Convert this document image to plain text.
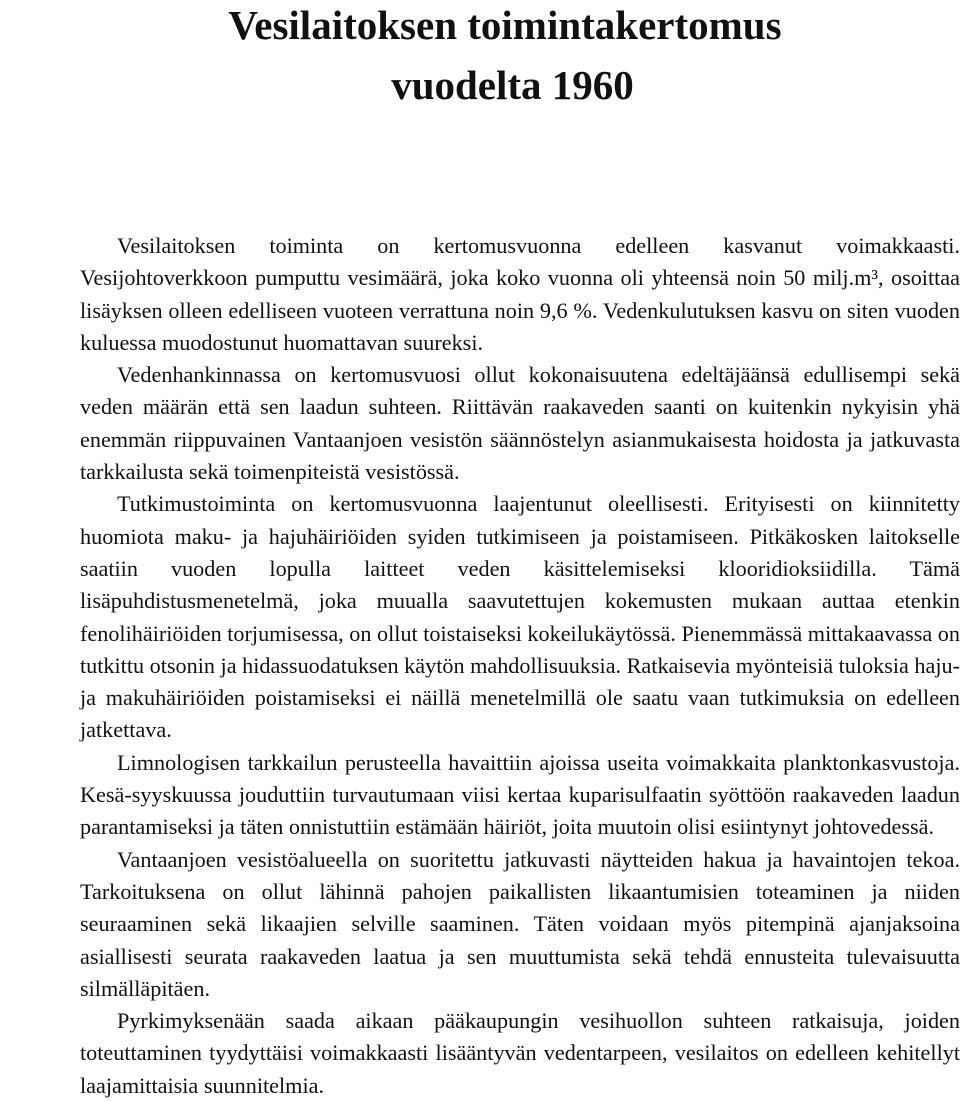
Vesilaitoksen toimintakertomus
vuodelta 1960

Vesilaitoksen toiminta on kertomusvuonna edelleen kasvanut voimakkaasti. Vesijohtoverkkoon pumputtu vesimäärä, joka koko vuonna oli yhteensä noin 50 milj.m³, osoittaa lisäyksen olleen edelliseen vuoteen verrattuna noin 9,6 %. Vedenkulutuksen kasvu on siten vuoden kuluessa muodostunut huomattavan suureksi.

Vedenhankinnassa on kertomusvuosi ollut kokonaisuutena edeltäjäänsä edullisempi sekä veden määrän että sen laadun suhteen. Riittävän raakaveden saanti on kuitenkin nykyisin yhä enemmän riippuvainen Vantaanjoen vesistön säännöstelyn asianmukaisesta hoidosta ja jatkuvasta tarkkailusta sekä toimenpiteistä vesistössä.

Tutkimustoiminta on kertomusvuonna laajentunut oleellisesti. Erityisesti on kiinnitetty huomiota maku- ja hajuhäiriöiden syiden tutkimiseen ja poistamiseen. Pitkäkosken laitokselle saatiin vuoden lopulla laitteet veden käsittelemiseksi klooridioksiidilla. Tämä lisäpuhdistusmenetelmä, joka muualla saavutettujen kokemusten mukaan auttaa etenkin fenolihäiriöiden torjumisessa, on ollut toistaiseksi kokeilukäytössä. Pienemmässä mittakaavassa on tutkittu otsonin ja hidassuodatuksen käytön mahdollisuuksia. Ratkaisevia myönteisiä tuloksia haju- ja makuhäiriöiden poistamiseksi ei näillä menetelmillä ole saatu vaan tutkimuksia on edelleen jatkettava.

Limnologisen tarkkailun perusteella havaittiin ajoissa useita voimakkaita planktonkasvustoja. Kesä-syyskuussa jouduttiin turvautumaan viisi kertaa kuparisulfaatin syöttöön raakaveden laadun parantamiseksi ja täten onnistuttiin estämään häiriöt, joita muutoin olisi esiintynyt johtovedessä.

Vantaanjoen vesistöalueella on suoritettu jatkuvasti näytteiden hakua ja havaintojen tekoa. Tarkoituksena on ollut lähinnä pahojen paikallisten likaantumisien toteaminen ja niiden seuraaminen sekä likaajien selville saaminen. Täten voidaan myös pitempinä ajanjaksoina asiallisesti seurata raakaveden laatua ja sen muuttumista sekä tehdä ennusteita tulevaisuutta silmälläpitäen.

Pyrkimyksenään saada aikaan pääkaupungin vesihuollon suhteen ratkaisuja, joiden toteuttaminen tyydyttäisi voimakkaasti lisääntyvän vedentarpeen, vesilaitos on edelleen kehitellyt laajamittaisia suunnitelmia.
